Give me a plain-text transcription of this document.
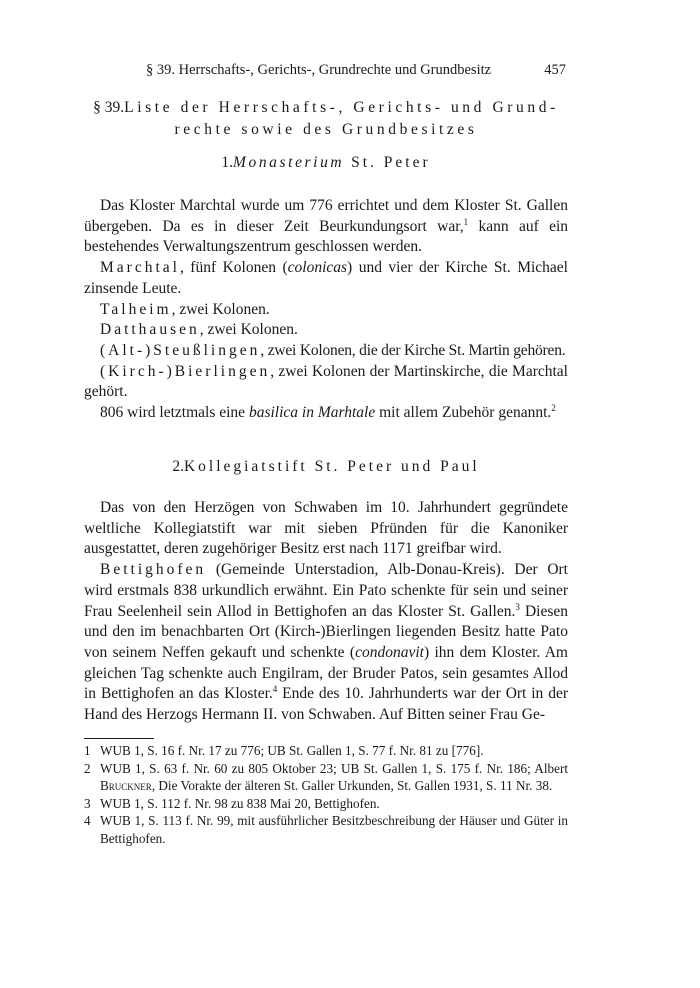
§ 39. Herrschafts-, Gerichts-, Grundrechte und Grundbesitz	457
§ 39.Liste der Herrschafts-, Gerichts- und Grund-
rechte sowie des Grundbesitzes
1.Monasterium St. Peter

Das Kloster Marchtal wurde um 776 errichtet und dem Kloster St. Gallen übergeben. Da es in dieser Zeit Beurkundungsort war,$^1$ kann auf ein bestehendes Verwaltungszentrum geschlossen werden.

Marchtal, fünf Kolonen (colonicas) und vier der Kirche St. Michael zinsende Leute.

Talheim, zwei Kolonen.

Datthausen, zwei Kolonen.

(Alt-)Steußlingen, zwei Kolonen, die der Kirche St. Martin gehören.

(Kirch-)Bierlingen, zwei Kolonen der Martinskirche, die Marchtal gehört.

806 wird letztmals eine basilica in Marhtale mit allem Zubehör genannt.$^2$

2.Kollegiatstift St. Peter und Paul

Das von den Herzögen von Schwaben im 10. Jahrhundert gegründete weltliche Kollegiatstift war mit sieben Pfründen für die Kanoniker ausgestattet, deren zugehöriger Besitz erst nach 1171 greifbar wird.

Bettighofen (Gemeinde Unterstadion, Alb-Donau-Kreis). Der Ort wird erstmals 838 urkundlich erwähnt. Ein Pato schenkte für sein und seiner Frau Seelenheil sein Allod in Bettighofen an das Kloster St. Gallen.$^3$ Diesen und den im benachbarten Ort (Kirch-)Bierlingen liegenden Besitz hatte Pato von seinem Neffen gekauft und schenkte (condonavit) ihn dem Kloster. Am gleichen Tag schenkte auch Engilram, der Bruder Patos, sein gesamtes Allod in Bettighofen an das Kloster.$^4$ Ende des 10. Jahrhunderts war der Ort in der Hand des Herzogs Hermann II. von Schwaben. Auf Bitten seiner Frau Ge-

1 WUB 1, S. 16 f. Nr. 17 zu 776; UB St. Gallen 1, S. 77 f. Nr. 81 zu [776].
2 WUB 1, S. 63 f. Nr. 60 zu 805 Oktober 23; UB St. Gallen 1, S. 175 f. Nr. 186; Albert Bruckner, Die Vorakte der älteren St. Galler Urkunden, St. Gallen 1931, S. 11 Nr. 38.
3 WUB 1, S. 112 f. Nr. 98 zu 838 Mai 20, Bettighofen.
4 WUB 1, S. 113 f. Nr. 99, mit ausführlicher Besitzbeschreibung der Häuser und Güter in Bettighofen.
